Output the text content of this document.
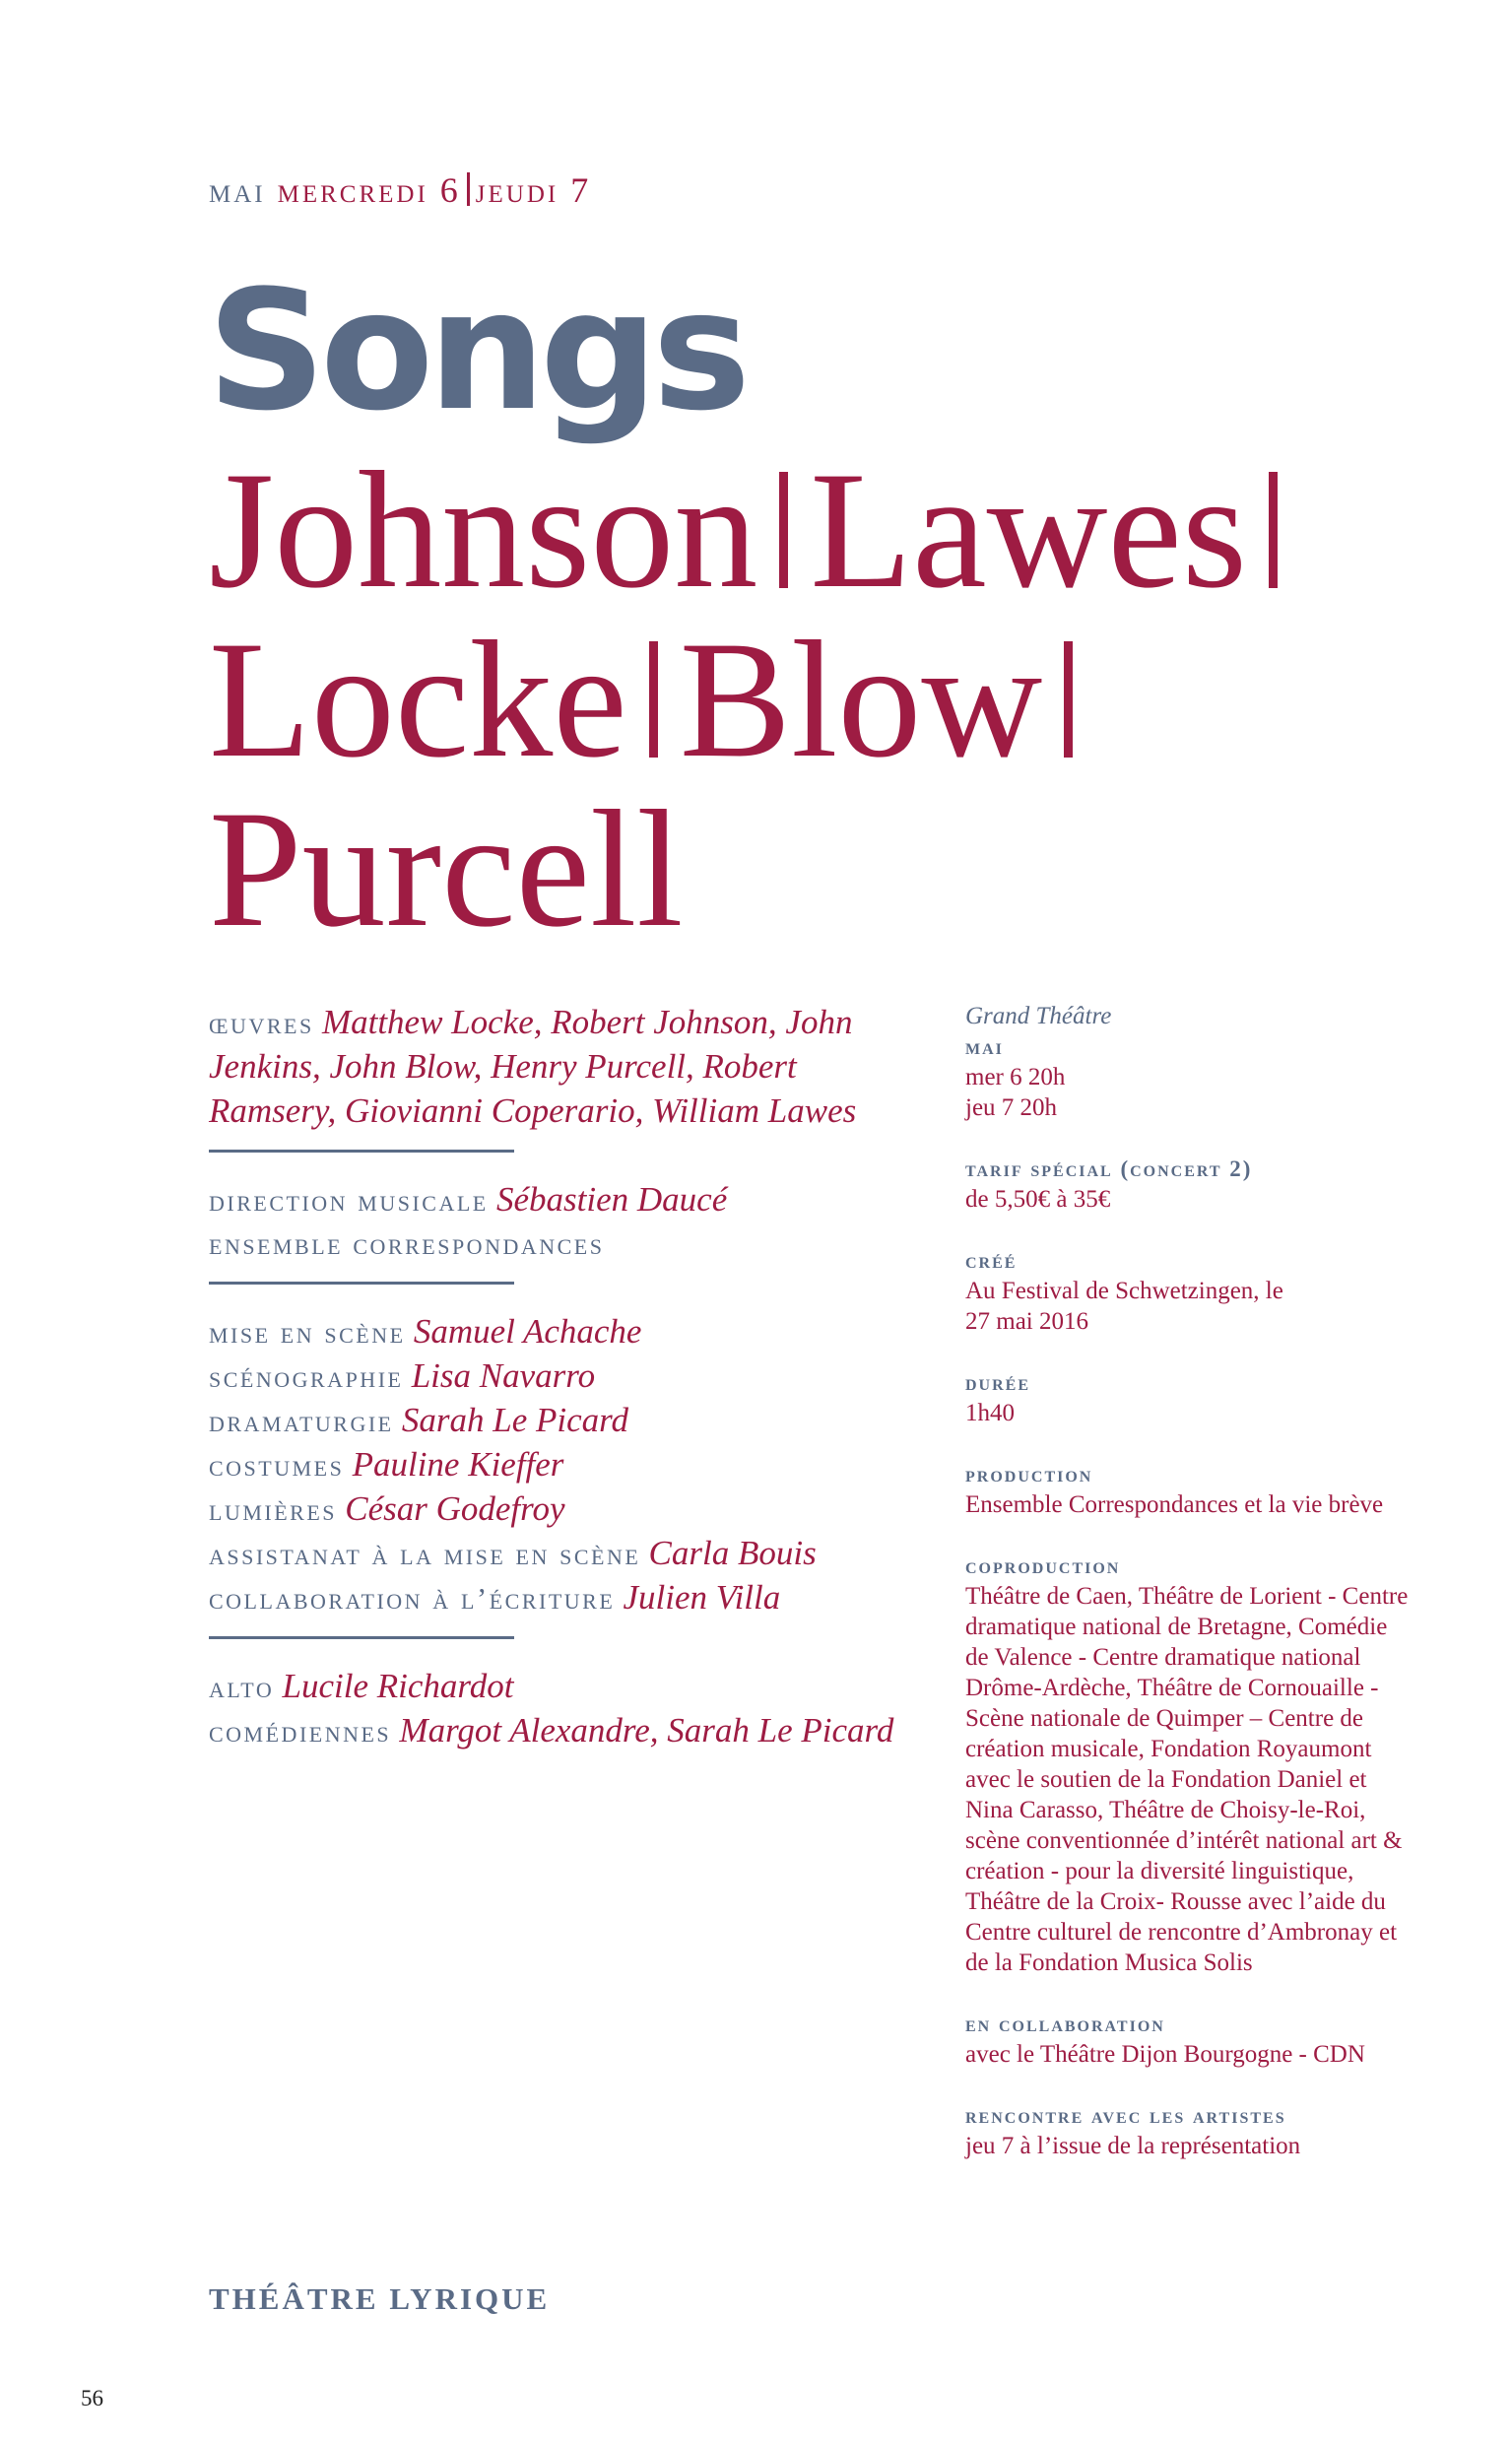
mai mercredi 6 jeudi 7
Songs
Johnson Lawes
Locke Blow
Purcell
œuvres Matthew Locke, Robert Johnson, John Jenkins, John Blow, Henry Purcell, Robert Ramsery, Giovianni Coperario, William Lawes
direction musicale Sébastien Daucé
ensemble correspondances
mise en scène Samuel Achache
scénographie Lisa Navarro
dramaturgie Sarah Le Picard
costumes Pauline Kieffer
lumières César Godefroy
assistanat à la mise en scène Carla Bouis
collaboration à l’écriture Julien Villa
alto Lucile Richardot
comédiennes Margot Alexandre, Sarah Le Picard
Grand Théâtre
mai
mer 6 20h
jeu 7 20h
tarif spécial (concert 2)
de 5,50€ à 35€
créé
Au Festival de Schwetzingen, le 27 mai 2016
durée
1h40
production
Ensemble Correspondances et la vie brève
coproduction
Théâtre de Caen, Théâtre de Lorient - Centre dramatique national de Bretagne, Comédie de Valence - Centre dramatique national Drôme-Ardèche, Théâtre de Cornouaille - Scène nationale de Quimper – Centre de création musicale, Fondation Royaumont avec le soutien de la Fondation Daniel et Nina Carasso, Théâtre de Choisy-le-Roi, scène conventionnée d’intérêt national art & création - pour la diversité linguistique, Théâtre de la Croix- Rousse avec l’aide du Centre culturel de rencontre d’Ambronay et de la Fondation Musica Solis
en collaboration
avec le Théâtre Dijon Bourgogne - CDN
rencontre avec les artistes
jeu 7 à l’issue de la représentation
THÉÂTRE LYRIQUE
56
